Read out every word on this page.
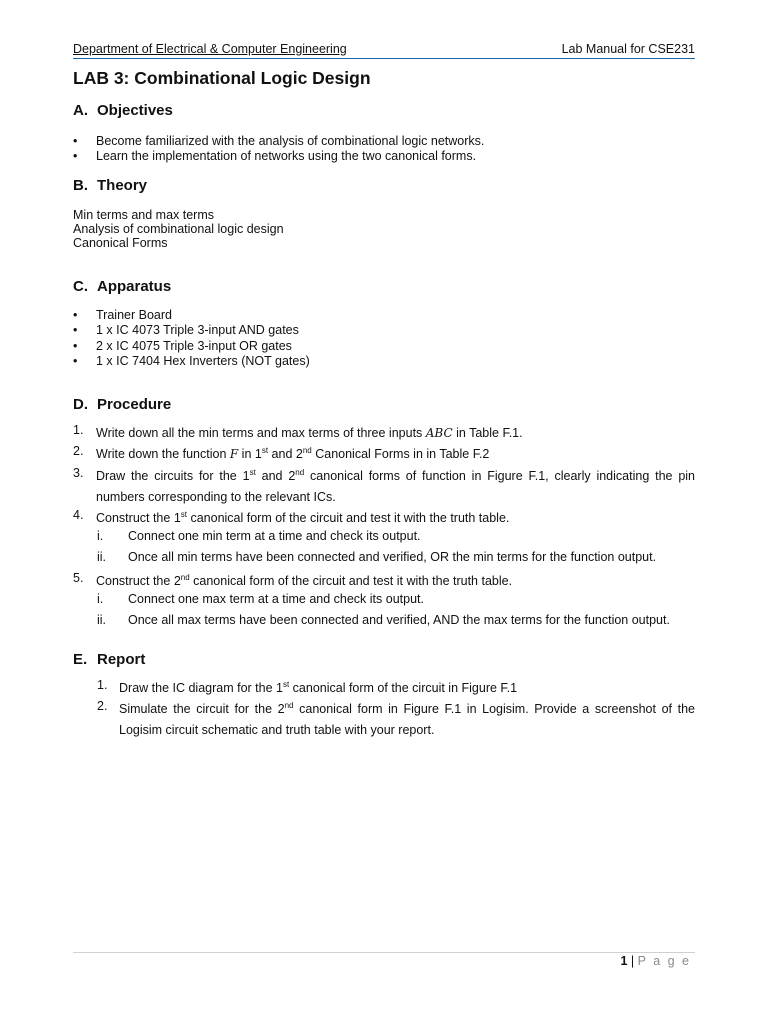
Department of Electrical & Computer Engineering	Lab Manual for CSE231
LAB 3: Combinational Logic Design
A. Objectives
• Become familiarized with the analysis of combinational logic networks.
• Learn the implementation of networks using the two canonical forms.
B. Theory
Min terms and max terms
Analysis of combinational logic design
Canonical Forms
C. Apparatus
• Trainer Board
• 1 x IC 4073 Triple 3-input AND gates
• 2 x IC 4075 Triple 3-input OR gates
• 1 x IC 7404 Hex Inverters (NOT gates)
D. Procedure
1. Write down all the min terms and max terms of three inputs ABC in Table F.1.
2. Write down the function F in 1st and 2nd Canonical Forms in in Table F.2
3. Draw the circuits for the 1st and 2nd canonical forms of function in Figure F.1, clearly indicating the pin numbers corresponding to the relevant ICs.
4. Construct the 1st canonical form of the circuit and test it with the truth table.
i. Connect one min term at a time and check its output.
ii. Once all min terms have been connected and verified, OR the min terms for the function output.
5. Construct the 2nd canonical form of the circuit and test it with the truth table.
i. Connect one max term at a time and check its output.
ii. Once all max terms have been connected and verified, AND the max terms for the function output.
E. Report
1. Draw the IC diagram for the 1st canonical form of the circuit in Figure F.1
2. Simulate the circuit for the 2nd canonical form in Figure F.1 in Logisim. Provide a screenshot of the Logisim circuit schematic and truth table with your report.
1 | P a g e
